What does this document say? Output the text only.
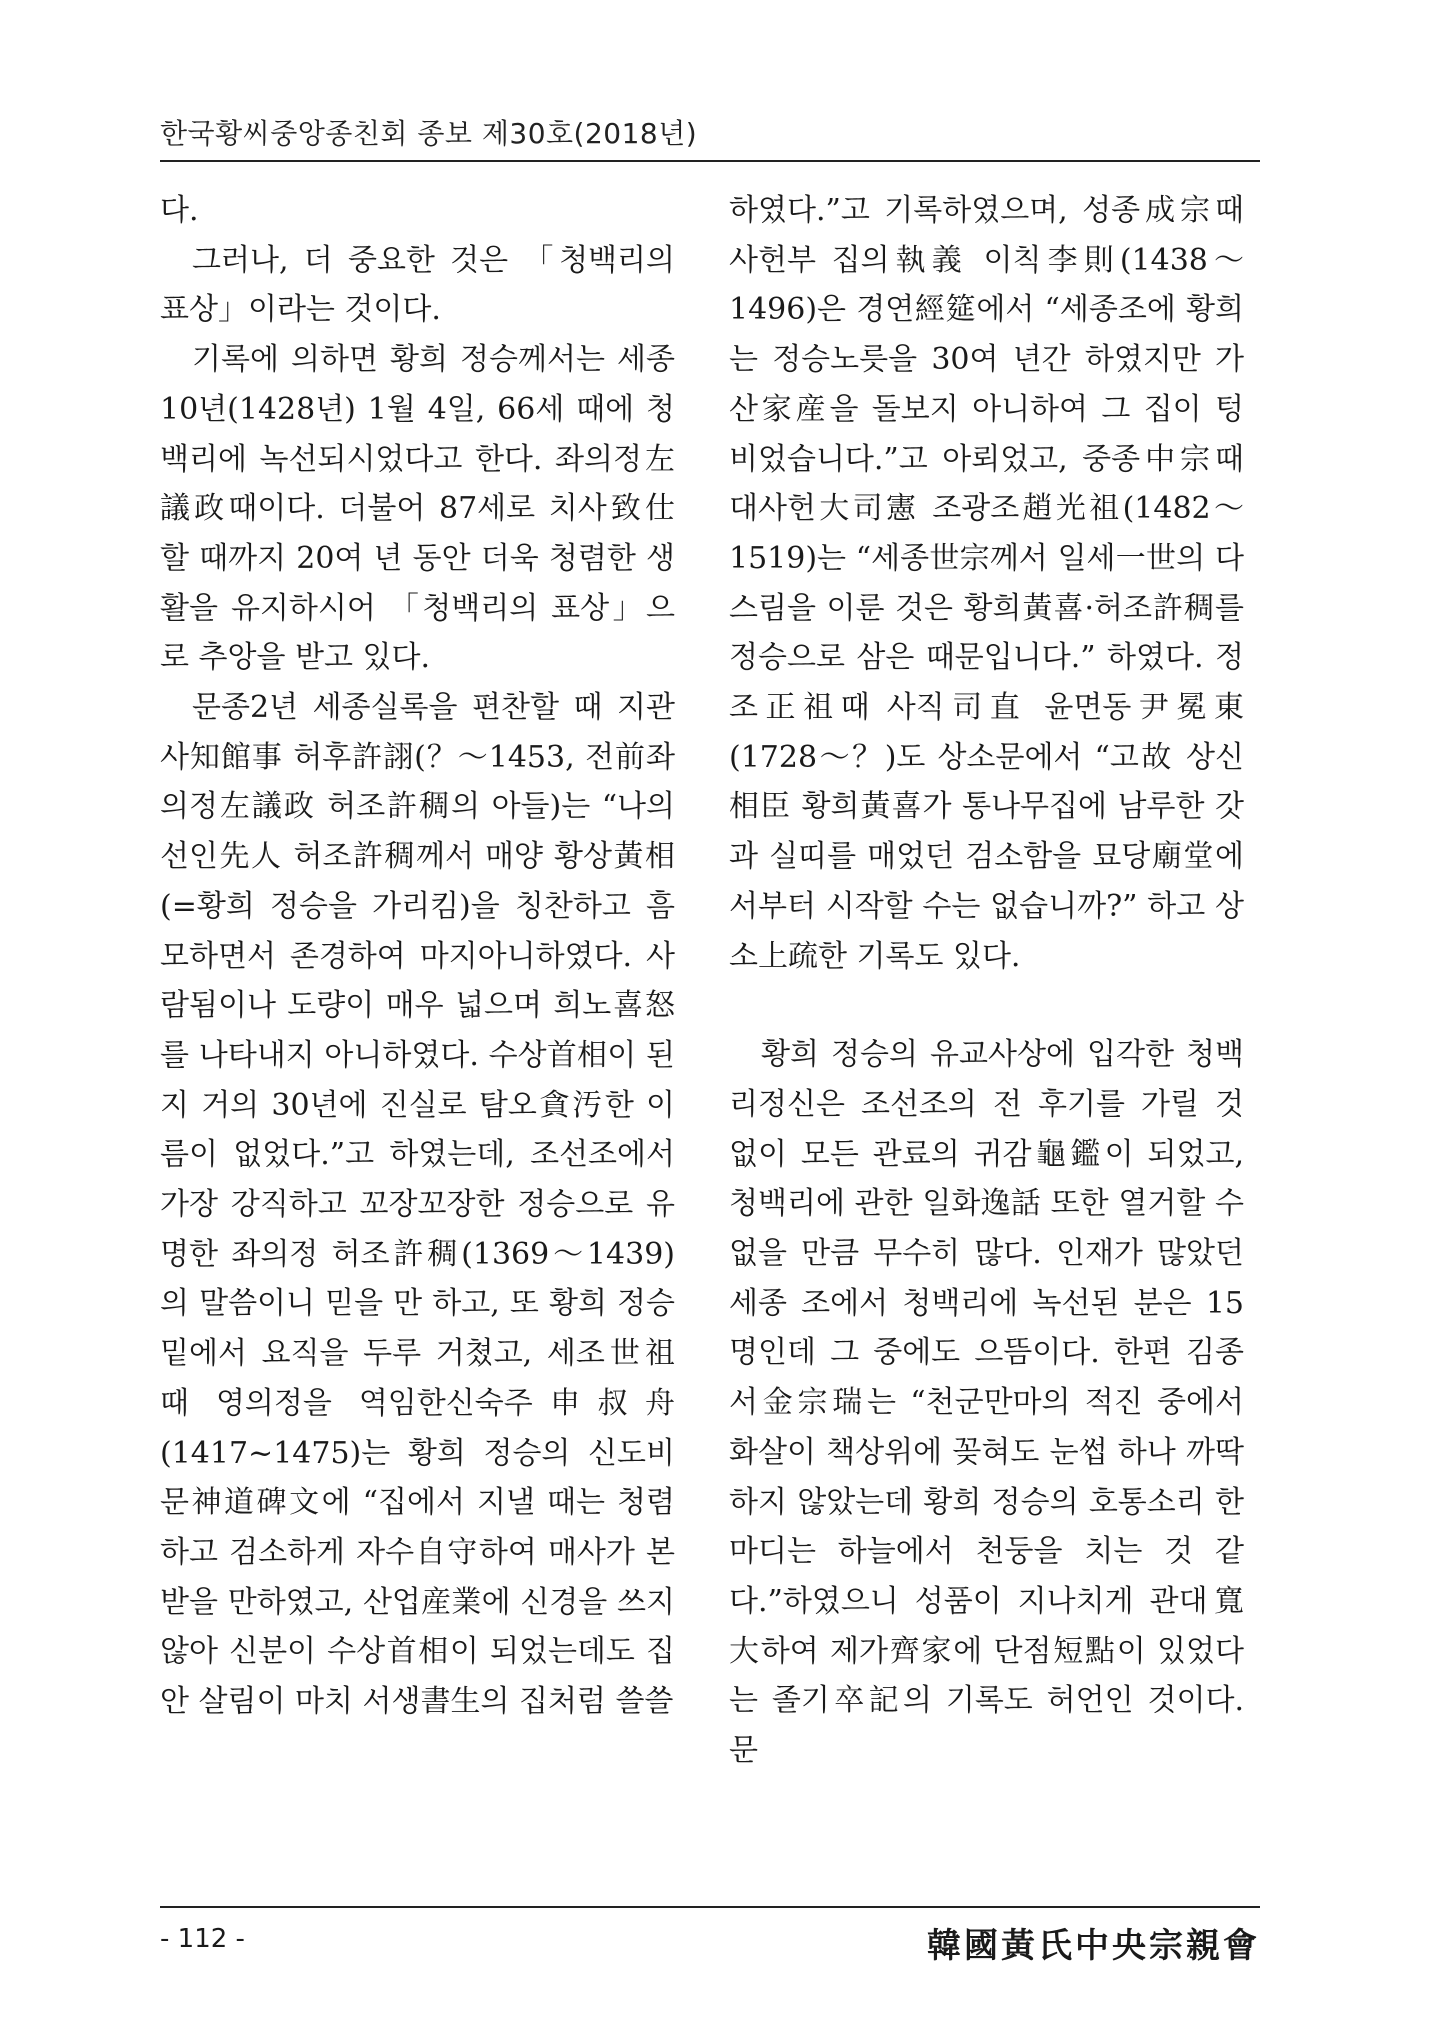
한국황씨중앙종친회 종보 제30호(2018년)

다.

그러나, 더 중요한 것은 「청백리의 표상」이라는 것이다.

기록에 의하면 황희 정승께서는 세종 10년(1428년) 1월 4일, 66세 때에 청백리에 녹선되시었다고 한다. 좌의정左議政때이다. 더불어 87세로 치사致仕할 때까지 20여 년 동안 더욱 청렴한 생활을 유지하시어 「청백리의 표상」으로 추앙을 받고 있다.

문종2년 세종실록을 편찬할 때 지관사知館事 허후許詡(？～1453, 전前좌의정左議政 허조許稠의 아들)는 “나의 선인先人 허조許稠께서 매양 황상黃相(=황희 정승을 가리킴)을 칭찬하고 흠모하면서 존경하여 마지아니하였다. 사람됨이나 도량이 매우 넓으며 희노喜怒를 나타내지 아니하였다. 수상首相이 된 지 거의 30년에 진실로 탐오貪汚한 이름이 없었다.”고 하였는데, 조선조에서 가장 강직하고 꼬장꼬장한 정승으로 유명한 좌의정 허조許稠(1369～1439)의 말씀이니 믿을 만 하고, 또 황희 정승 밑에서 요직을 두루 거쳤고, 세조世祖 때 영의정을 역임한신숙주申叔舟(1417~1475)는 황희 정승의 신도비문神道碑文에 “집에서 지낼 때는 청렴하고 검소하게 자수自守하여 매사가 본받을 만하였고, 산업産業에 신경을 쓰지 않아 신분이 수상首相이 되었는데도 집안 살림이 마치 서생書生의 집처럼 쓸쓸

하였다.”고 기록하였으며, 성종成宗때 사헌부 집의執義 이칙李則(1438～1496)은 경연經筵에서 “세종조에 황희는 정승노릇을 30여 년간 하였지만 가산家産을 돌보지 아니하여 그 집이 텅 비었습니다.”고 아뢰었고, 중종中宗때 대사헌大司憲 조광조趙光祖(1482～ 1519)는 “세종世宗께서 일세一世의 다스림을 이룬 것은 황희黃喜·허조許稠를 정승으로 삼은 때문입니다.” 하였다. 정조正祖때 사직司直 윤면동尹冕東(1728～？)도 상소문에서 “고故 상신相臣 황희黃喜가 통나무집에 남루한 갓과 실띠를 매었던 검소함을 묘당廟堂에서부터 시작할 수는 없습니까?” 하고 상소上疏한 기록도 있다.

황희 정승의 유교사상에 입각한 청백리정신은 조선조의 전 후기를 가릴 것 없이 모든 관료의 귀감龜鑑이 되었고, 청백리에 관한 일화逸話 또한 열거할 수 없을 만큼 무수히 많다. 인재가 많았던 세종 조에서 청백리에 녹선된 분은 15명인데 그 중에도 으뜸이다. 한편 김종서金宗瑞는 “천군만마의 적진 중에서 화살이 책상위에 꽂혀도 눈썹 하나 까딱하지 않았는데 황희 정승의 호통소리 한마디는 하늘에서 천둥을 치는 것 같다.”하였으니 성품이 지나치게 관대寬大하여 제가齊家에 단점短點이 있었다는 졸기卒記의 기록도 허언인 것이다. 문

- 112 -	韓國黃氏中央宗親會
